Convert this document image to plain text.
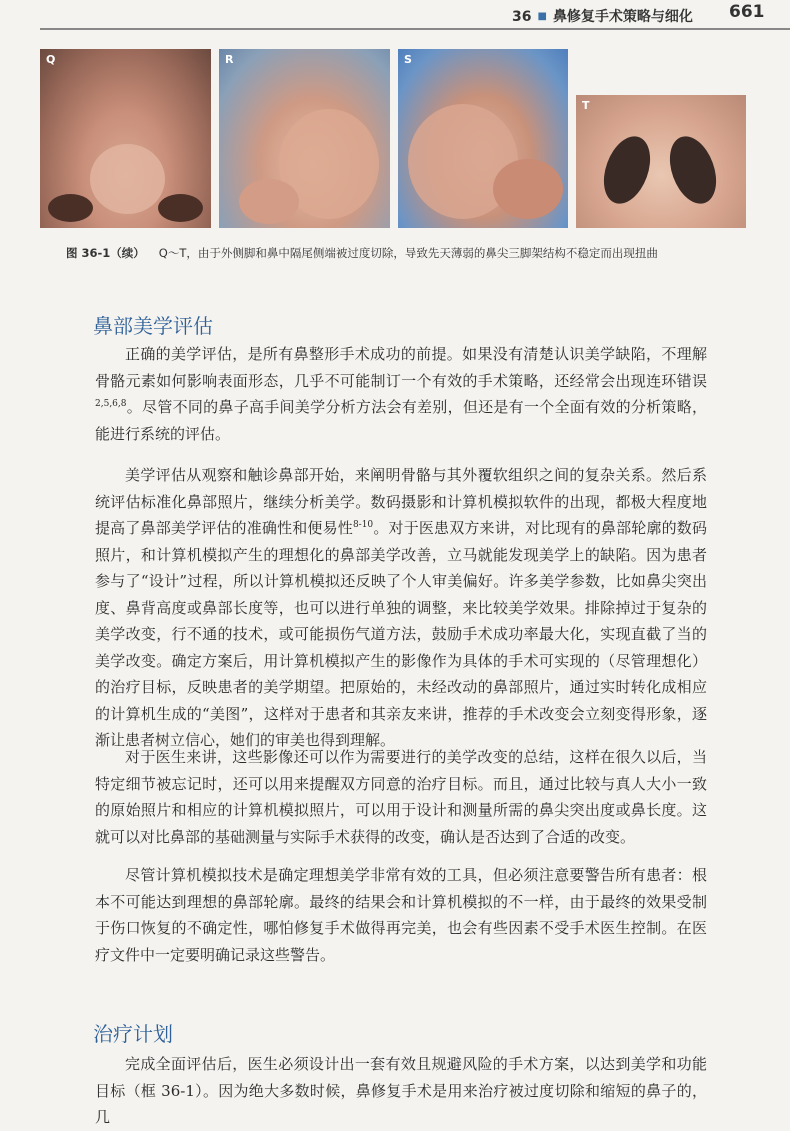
36 ■ 鼻修复手术策略与细化 661
Q	R	S
T
图 36-1（续） Q～T，由于外侧脚和鼻中隔尾侧端被过度切除，导致先天薄弱的鼻尖三脚架结构不稳定而出现扭曲
鼻部美学评估

正确的美学评估，是所有鼻整形手术成功的前提。如果没有清楚认识美学缺陷，不理解骨骼元素如何影响表面形态，几乎不可能制订一个有效的手术策略，还经常会出现连环错误$^{2,5,6,8}$。尽管不同的鼻子高手间美学分析方法会有差别，但还是有一个全面有效的分析策略，能进行系统的评估。

美学评估从观察和触诊鼻部开始，来阐明骨骼与其外覆软组织之间的复杂关系。然后系统评估标准化鼻部照片，继续分析美学。数码摄影和计算机模拟软件的出现，都极大程度地提高了鼻部美学评估的准确性和便易性$^{8-10}$。对于医患双方来讲，对比现有的鼻部轮廓的数码照片，和计算机模拟产生的理想化的鼻部美学改善，立马就能发现美学上的缺陷。因为患者参与了“设计”过程，所以计算机模拟还反映了个人审美偏好。许多美学参数，比如鼻尖突出度、鼻背高度或鼻部长度等，也可以进行单独的调整，来比较美学效果。排除掉过于复杂的美学改变，行不通的技术，或可能损伤气道方法，鼓励手术成功率最大化，实现直截了当的美学改变。确定方案后，用计算机模拟产生的影像作为具体的手术可实现的（尽管理想化）的治疗目标，反映患者的美学期望。把原始的，未经改动的鼻部照片，通过实时转化成相应的计算机生成的“美图”，这样对于患者和其亲友来讲，推荐的手术改变会立刻变得形象，逐渐让患者树立信心，她们的审美也得到理解。

对于医生来讲，这些影像还可以作为需要进行的美学改变的总结，这样在很久以后，当特定细节被忘记时，还可以用来提醒双方同意的治疗目标。而且，通过比较与真人大小一致的原始照片和相应的计算机模拟照片，可以用于设计和测量所需的鼻尖突出度或鼻长度。这就可以对比鼻部的基础测量与实际手术获得的改变，确认是否达到了合适的改变。

尽管计算机模拟技术是确定理想美学非常有效的工具，但必须注意要警告所有患者：根本不可能达到理想的鼻部轮廓。最终的结果会和计算机模拟的不一样，由于最终的效果受制于伤口恢复的不确定性，哪怕修复手术做得再完美，也会有些因素不受手术医生控制。在医疗文件中一定要明确记录这些警告。

治疗计划

完成全面评估后，医生必须设计出一套有效且规避风险的手术方案，以达到美学和功能目标（框 36-1）。因为绝大多数时候，鼻修复手术是用来治疗被过度切除和缩短的鼻子的，几
